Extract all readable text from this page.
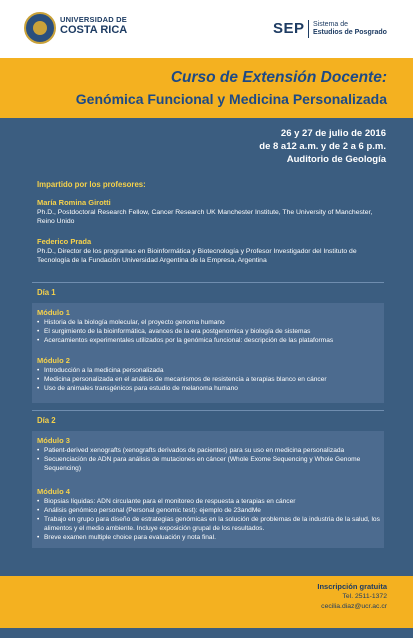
UNIVERSIDAD DE
COSTA RICA	SEP Sistema de
Estudios de Posgrado
Curso de Extensión Docente:
Genómica Funcional y Medicina Personalizada
26 y 27 de julio de 2016
de 8 a12 a.m. y de 2 a 6 p.m.
Auditorio de Geología
Impartido por los profesores:
María Romina Girotti
Ph.D., Postdoctoral Research Fellow, Cancer Research UK Manchester Institute, The University of Manchester, Reino Unido
Federico Prada
Ph.D., Director de los programas en Bioinformática y Biotecnología y Profesor Investigador del Instituto de Tecnología de la Fundación Universidad Argentina de la Empresa, Argentina
Día 1
Módulo 1
• Historia de la biología molecular, el proyecto genoma humano
• El surgimiento de la bioinformática, avances de la era postgenomica y biología de sistemas
• Acercamientos experimentales utilizados por la genómica funcional: descripción de las plataformas
Módulo 2
• Introducción a la medicina personalizada
• Medicina personalizada en el análisis de mecanismos de resistencia a terapias blanco en cáncer
• Uso de animales transgénicos para estudio de melanoma humano
Día 2
Módulo 3
• Patient-derived xenografts (xenografts derivados de pacientes) para su uso en medicina personalizada
• Secuenciación de ADN para análisis de mutaciones en cáncer (Whole Exome Sequencing y Whole Genome Sequencing)
Módulo 4
• Biopsias líquidas: ADN circulante para el monitoreo de respuesta a terapias en cáncer
• Análisis genómico personal (Personal genomic test): ejemplo de 23andMe
• Trabajo en grupo para diseño de estrategias genómicas en la solución de problemas de la industria de la salud, los alimentos y el medio ambiente. Incluye exposición grupal de los resultados.
• Breve examen multiple choice para evaluación y nota final.
Inscripción gratuita
Tel. 2511-1372
cecilia.diaz@ucr.ac.cr
